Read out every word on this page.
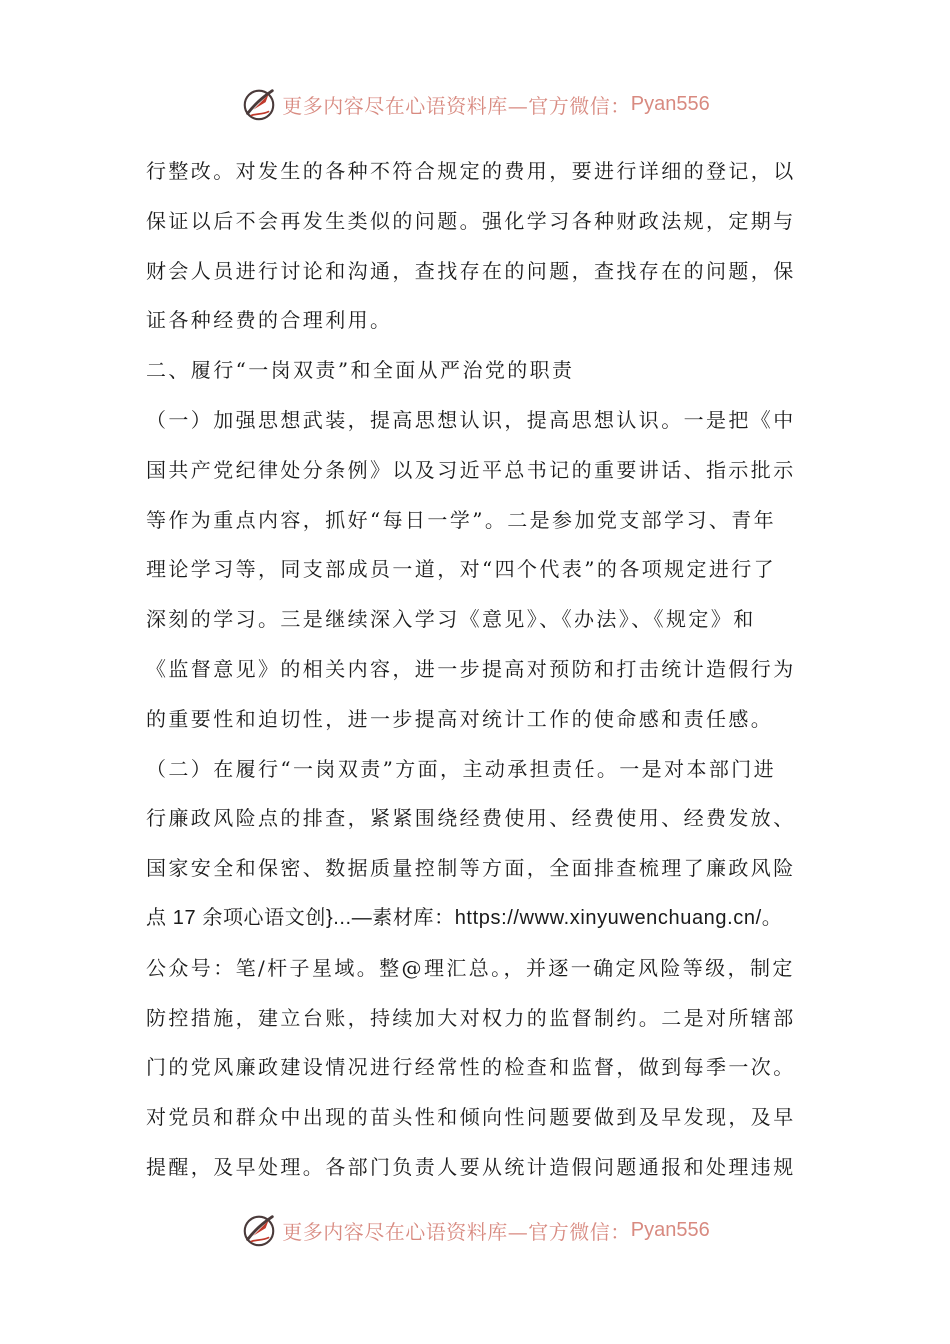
更多内容尽在心语资料库—官方微信： Pyan556
行整改。对发生的各种不符合规定的费用，要进行详细的登记，以
保证以后不会再发生类似的问题。强化学习各种财政法规，定期与
财会人员进行讨论和沟通，查找存在的问题，查找存在的问题，保
证各种经费的合理利用。
二、履行“一岗双责”和全面从严治党的职责
（一）加强思想武装，提高思想认识，提高思想认识。一是把《中
国共产党纪律处分条例》以及习近平总书记的重要讲话、指示批示
等作为重点内容，抓好“每日一学”。二是参加党支部学习、青年
理论学习等，同支部成员一道，对“四个代表”的各项规定进行了
深刻的学习。三是继续深入学习《意见》、《办法》、《规定》和
《监督意见》的相关内容，进一步提高对预防和打击统计造假行为
的重要性和迫切性，进一步提高对统计工作的使命感和责任感。
（二）在履行“一岗双责”方面，主动承担责任。一是对本部门进
行廉政风险点的排查，紧紧围绕经费使用、经费使用、经费发放、
国家安全和保密、数据质量控制等方面，全面排查梳理了廉政风险
点 17 余项心语文创}...—素材库：https://www.xinyuwenchuang.cn/。
公众号：笔/杆子星域。整@理汇总。，并逐一确定风险等级，制定
防控措施，建立台账，持续加大对权力的监督制约。二是对所辖部
门的党风廉政建设情况进行经常性的检查和监督，做到每季一次。
对党员和群众中出现的苗头性和倾向性问题要做到及早发现，及早
提醒，及早处理。各部门负责人要从统计造假问题通报和处理违规
更多内容尽在心语资料库—官方微信： Pyan556
